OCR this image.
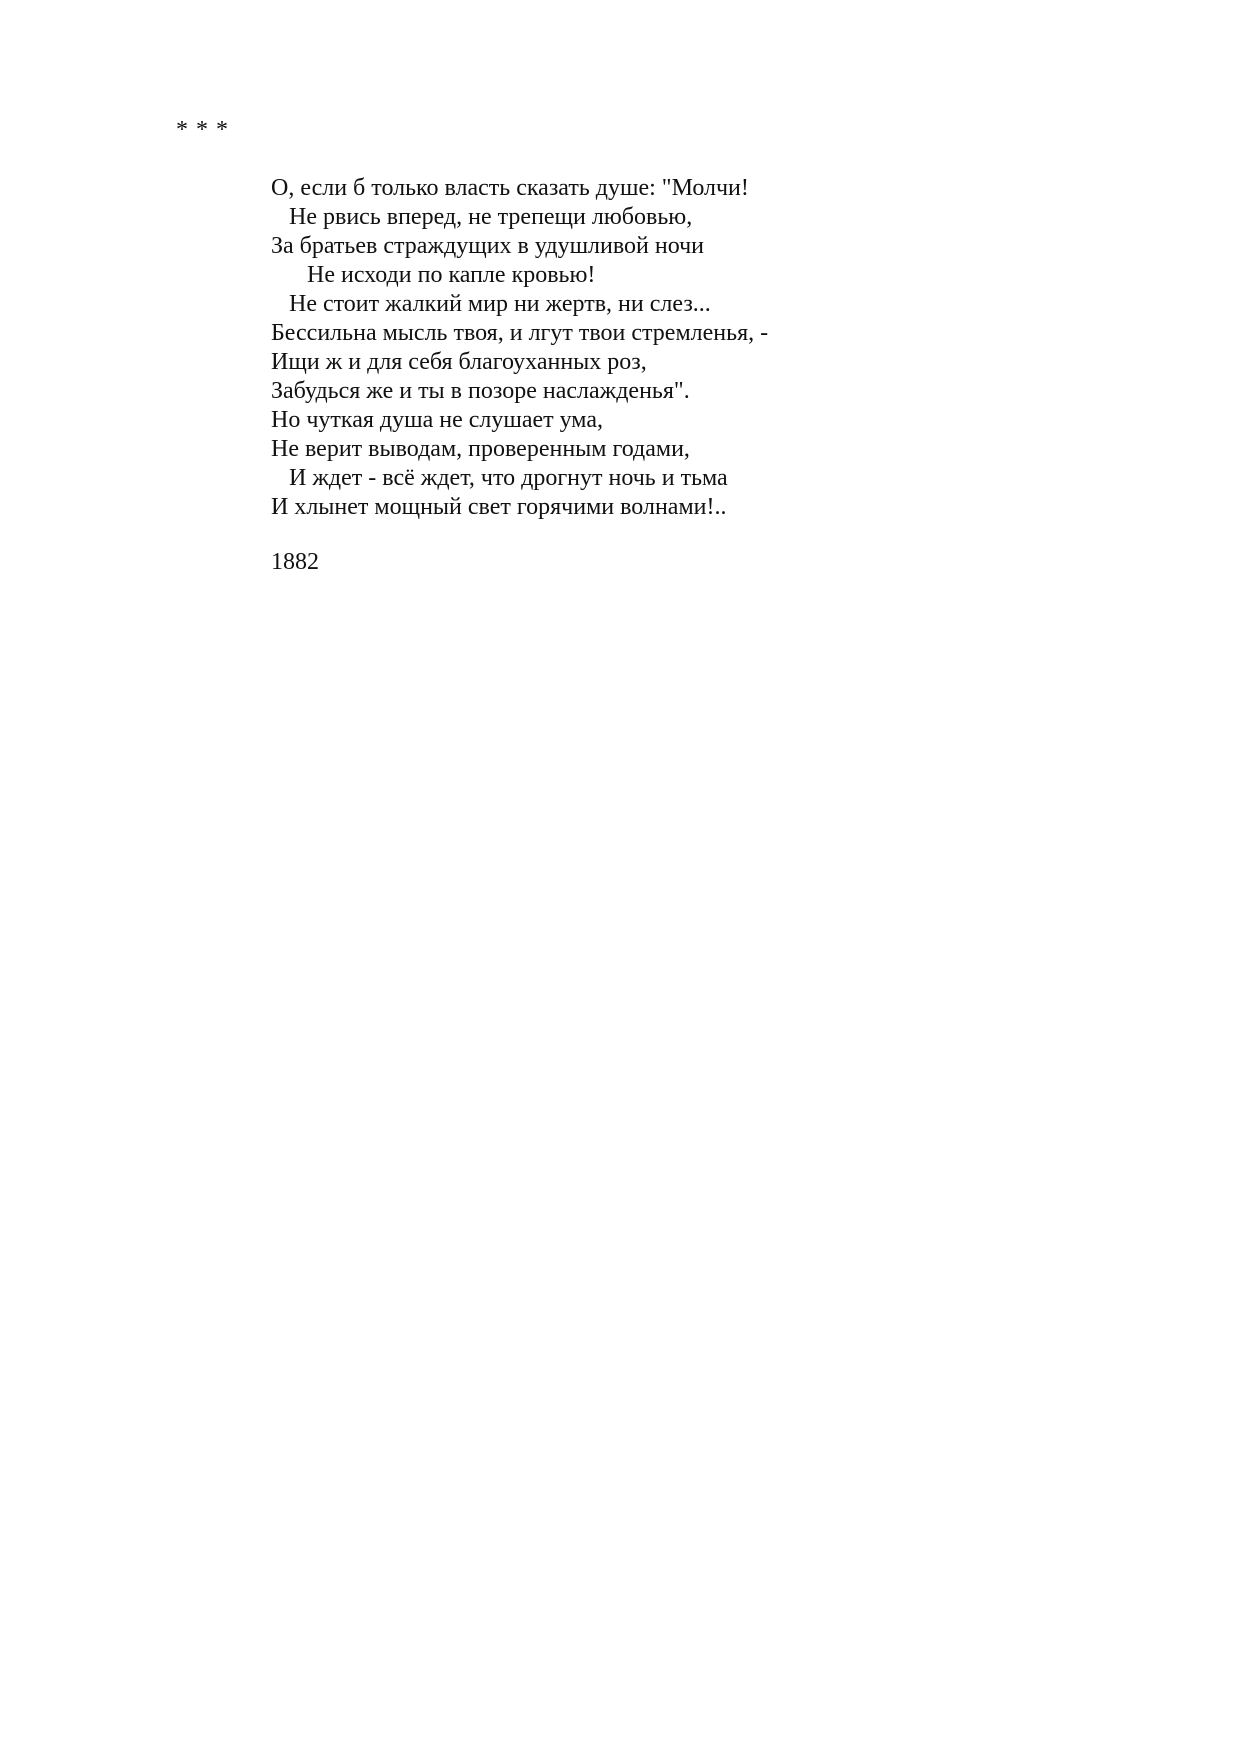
* * *
О, если б только власть сказать душе: "Молчи!
Не рвись вперед, не трепещи любовью,
За братьев страждущих в удушливой ночи
Не исходи по капле кровью!
Не стоит жалкий мир ни жертв, ни слез...
Бессильна мысль твоя, и лгут твои стремленья, -
Ищи ж и для себя благоуханных роз,
Забудься же и ты в позоре наслажденья".
Но чуткая душа не слушает ума,
Не верит выводам, проверенным годами,
И ждет - всё ждет, что дрогнут ночь и тьма
И хлынет мощный свет горячими волнами!..
1882
